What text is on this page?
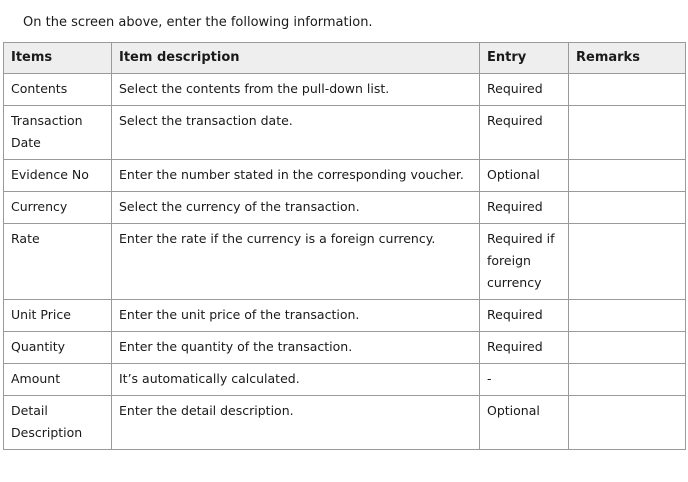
On the screen above, enter the following information.
Items	Item description	Entry	Remarks
Contents	Select the contents from the pull-down list.	Required	
Transaction Date	Select the transaction date.	Required	
Evidence No	Enter the number stated in the corresponding voucher.	Optional	
Currency	Select the currency of the transaction.	Required	
Rate	Enter the rate if the currency is a foreign currency.	Required if foreign currency	
Unit Price	Enter the unit price of the transaction.	Required	
Quantity	Enter the quantity of the transaction.	Required	
Amount	It’s automatically calculated.	-	
Detail Description	Enter the detail description.	Optional	
